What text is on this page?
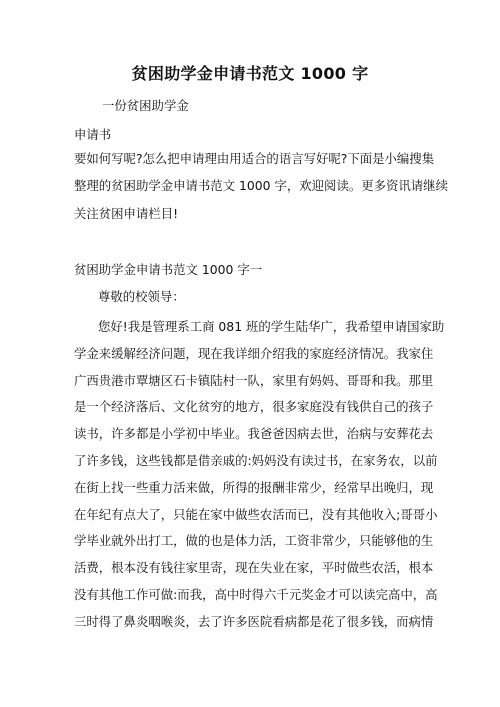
贫困助学金申请书范文 1000 字
一份贫困助学金
申请书
要如何写呢?怎么把申请理由用适合的语言写好呢?下面是小编搜集
整理的贫困助学金申请书范文 1000 字，欢迎阅读。更多资讯请继续
关注贫困申请栏目!
贫困助学金申请书范文 1000 字一
尊敬的校领导：
您好!我是管理系工商 081 班的学生陆华广，我希望申请国家助
学金来缓解经济问题，现在我详细介绍我的家庭经济情况。我家住
广西贵港市覃塘区石卡镇陆村一队，家里有妈妈、哥哥和我。那里
是一个经济落后、文化贫穷的地方，很多家庭没有钱供自己的孩子
读书，许多都是小学初中毕业。我爸爸因病去世，治病与安葬花去
了许多钱，这些钱都是借亲戚的:妈妈没有读过书，在家务农，以前
在街上找一些重力活来做，所得的报酬非常少，经常早出晚归，现
在年纪有点大了，只能在家中做些农活而已，没有其他收入;哥哥小
学毕业就外出打工，做的也是体力活，工资非常少，只能够他的生
活费，根本没有钱往家里寄，现在失业在家，平时做些农活，根本
没有其他工作可做:而我，高中时得六千元奖金才可以读完高中，高
三时得了鼻炎咽喉炎，去了许多医院看病都是花了很多钱，而病情
